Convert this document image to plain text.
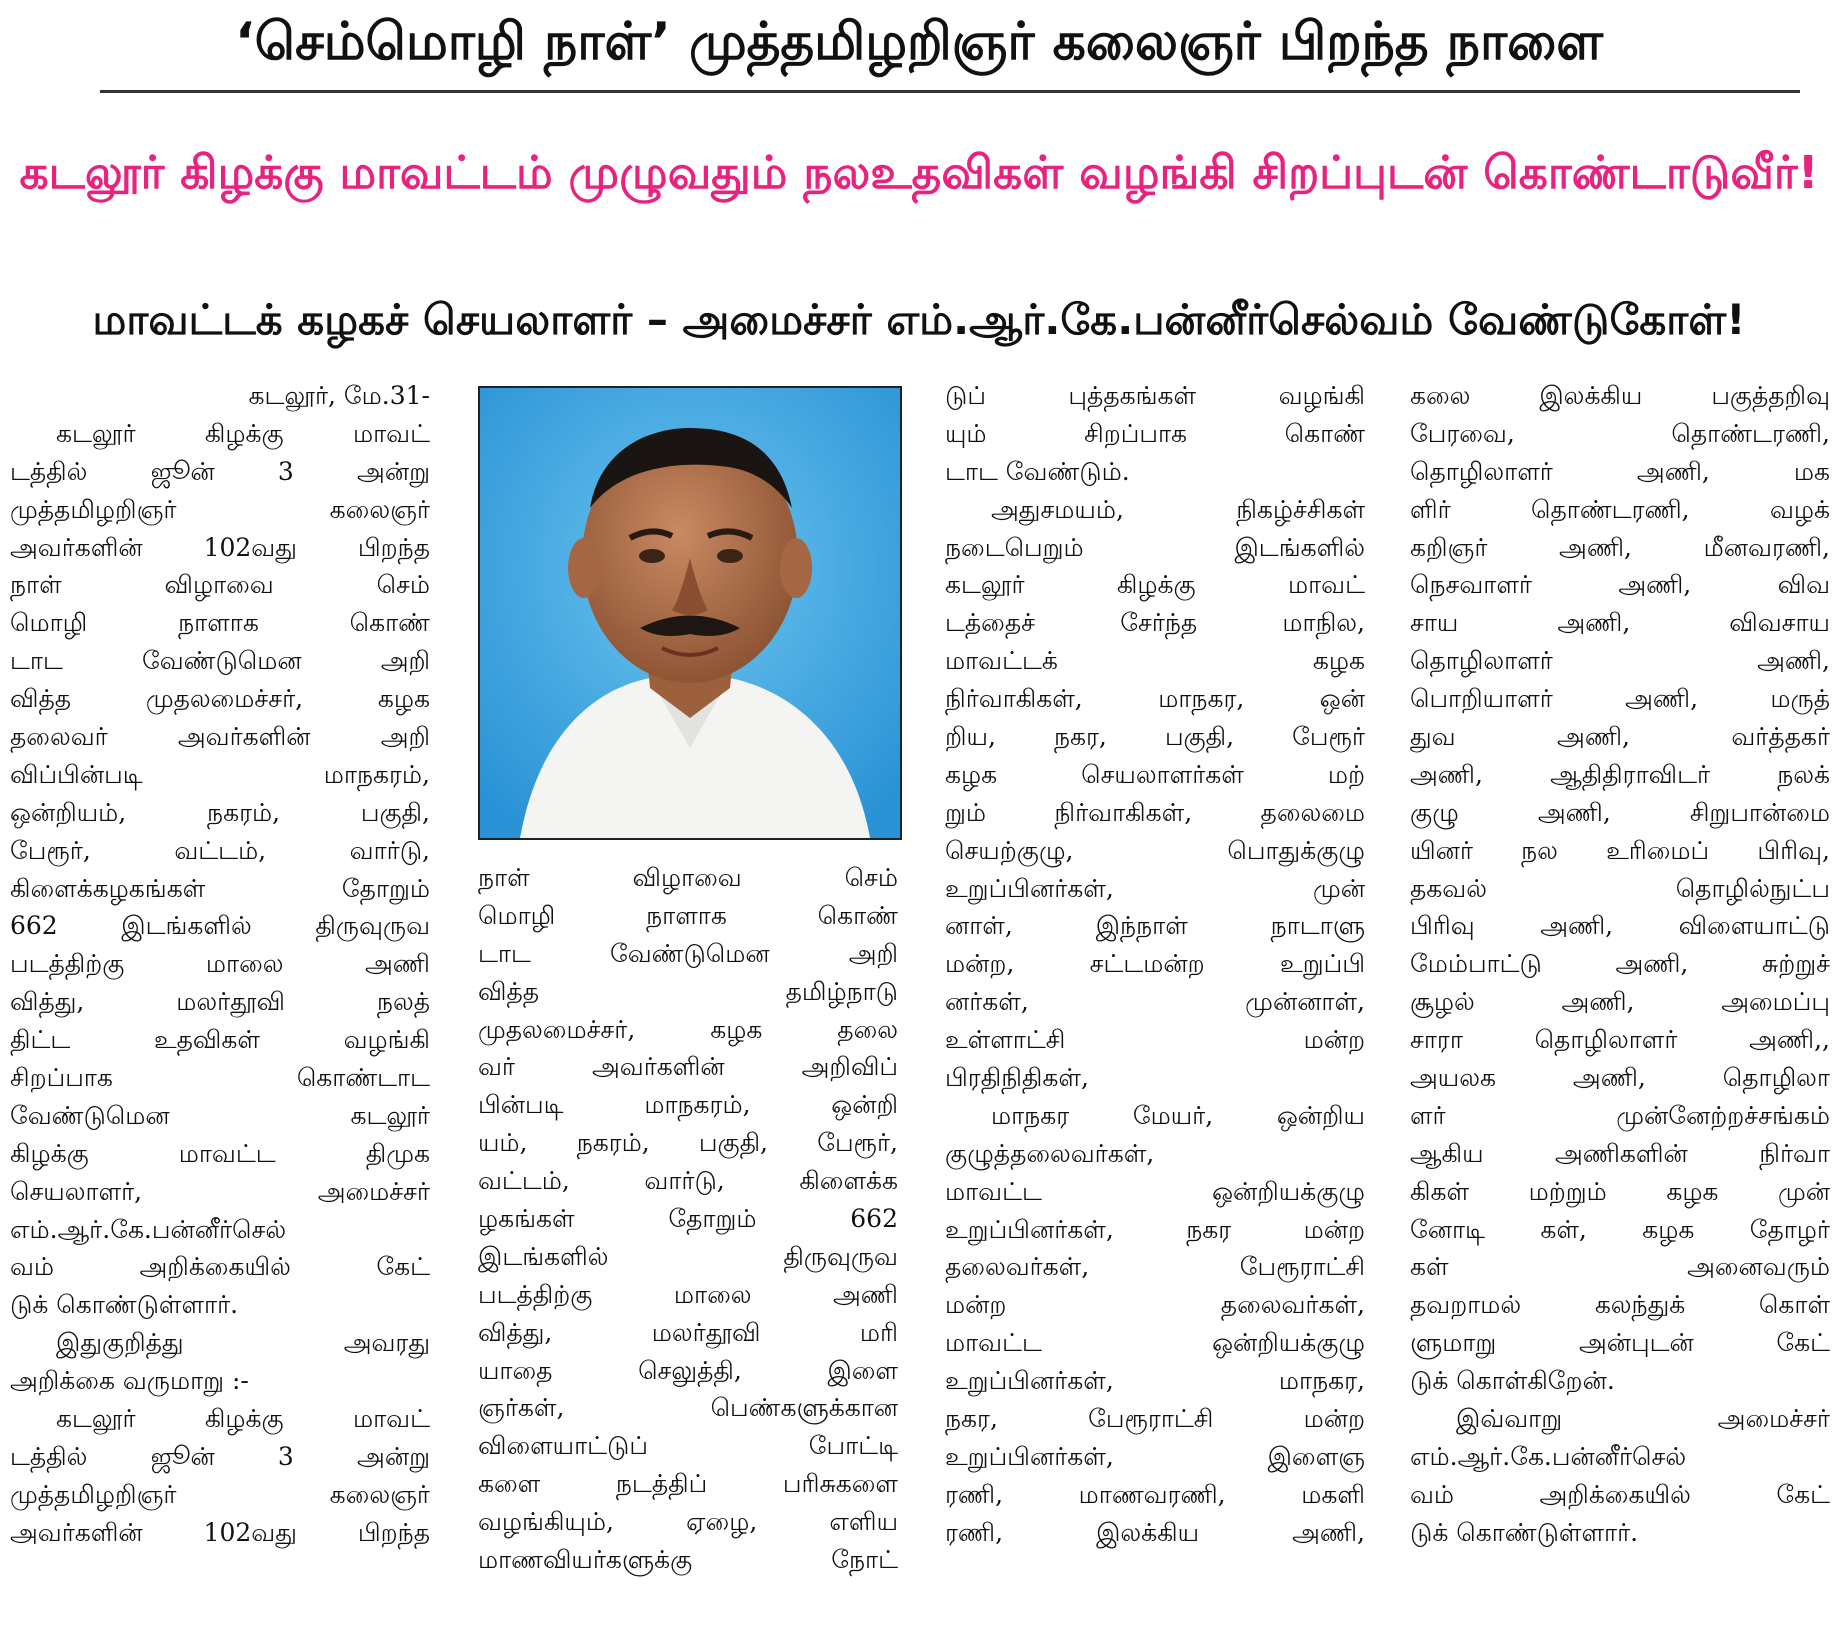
‘செம்மொழி நாள்’ முத்தமிழறிஞர் கலைஞர் பிறந்த நாளை
கடலூர் கிழக்கு மாவட்டம் முழுவதும் நலஉதவிகள் வழங்கி சிறப்புடன் கொண்டாடுவீர்!
மாவட்டக் கழகச் செயலாளர் – அமைச்சர் எம்.ஆர்.கே.பன்னீர்செல்வம் வேண்டுகோள்!
கடலூர், மே.31-
கடலூர் கிழக்கு மாவட்
டத்தில் ஜூன் 3 அன்று
முத்தமிழறிஞர் கலைஞர்
அவர்களின் 102வது பிறந்த
நாள் விழாவை செம்
மொழி நாளாக கொண்
டாட வேண்டுமென அறி
வித்த முதலமைச்சர், கழக
தலைவர் அவர்களின் அறி
விப்பின்படி மாநகரம்,
ஒன்றியம், நகரம், பகுதி,
பேரூர், வட்டம், வார்டு,
கிளைக்கழகங்கள் தோறும்
662 இடங்களில் திருவுருவ
படத்திற்கு மாலை அணி
வித்து, மலர்தூவி நலத்
திட்ட உதவிகள் வழங்கி
சிறப்பாக கொண்டாட
வேண்டுமென கடலூர்
கிழக்கு மாவட்ட திமுக
செயலாளர், அமைச்சர்
எம்.ஆர்.கே.பன்னீர்செல்
வம் அறிக்கையில் கேட்
டுக் கொண்டுள்ளார்.
இதுகுறித்து அவரது
அறிக்கை வருமாறு :-
கடலூர் கிழக்கு மாவட்
டத்தில் ஜூன் 3 அன்று
முத்தமிழறிஞர் கலைஞர்
அவர்களின் 102வது பிறந்த
நாள் விழாவை செம்
மொழி நாளாக கொண்
டாட வேண்டுமென அறி
வித்த தமிழ்நாடு
முதலமைச்சர், கழக தலை
வர் அவர்களின் அறிவிப்
பின்படி மாநகரம், ஒன்றி
யம், நகரம், பகுதி, பேரூர்,
வட்டம், வார்டு, கிளைக்க
ழகங்கள் தோறும் 662
இடங்களில் திருவுருவ
படத்திற்கு மாலை அணி
வித்து, மலர்தூவி மரி
யாதை செலுத்தி, இளை
ஞர்கள், பெண்களுக்கான
விளையாட்டுப் போட்டி
களை நடத்திப் பரிசுகளை
வழங்கியும், ஏழை, எளிய
மாணவியர்களுக்கு நோட்
டுப் புத்தகங்கள் வழங்கி
யும் சிறப்பாக கொண்
டாட வேண்டும்.
அதுசமயம், நிகழ்ச்சிகள்
நடைபெறும் இடங்களில்
கடலூர் கிழக்கு மாவட்
டத்தைச் சேர்ந்த மாநில,
மாவட்டக் கழக
நிர்வாகிகள், மாநகர, ஒன்
றிய, நகர, பகுதி, பேரூர்
கழக செயலாளர்கள் மற்
றும் நிர்வாகிகள், தலைமை
செயற்குழு, பொதுக்குழு
உறுப்பினர்கள், முன்
னாள், இந்நாள் நாடாளு
மன்ற, சட்டமன்ற உறுப்பி
னர்கள், முன்னாள்,
உள்ளாட்சி மன்ற
பிரதிநிதிகள்,
மாநகர மேயர், ஒன்றிய
குழுத்தலைவர்கள்,
மாவட்ட ஒன்றியக்குழு
உறுப்பினர்கள், நகர மன்ற
தலைவர்கள், பேரூராட்சி
மன்ற தலைவர்கள்,
மாவட்ட ஒன்றியக்குழு
உறுப்பினர்கள், மாநகர,
நகர, பேரூராட்சி மன்ற
உறுப்பினர்கள், இளைஞ
ரணி, மாணவரணி, மகளி
ரணி, இலக்கிய அணி,
கலை இலக்கிய பகுத்தறிவு
பேரவை, தொண்டரணி,
தொழிலாளர் அணி, மக
ளிர் தொண்டரணி, வழக்
கறிஞர் அணி, மீனவரணி,
நெசவாளர் அணி, விவ
சாய அணி, விவசாய
தொழிலாளர் அணி,
பொறியாளர் அணி, மருத்
துவ அணி, வர்த்தகர்
அணி, ஆதிதிராவிடர் நலக்
குழு அணி, சிறுபான்மை
யினர் நல உரிமைப் பிரிவு,
தகவல் தொழில்நுட்ப
பிரிவு அணி, விளையாட்டு
மேம்பாட்டு அணி, சுற்றுச்
சூழல் அணி, அமைப்பு
சாரா தொழிலாளர் அணி,,
அயலக அணி, தொழிலா
ளர் முன்னேற்றச்சங்கம்
ஆகிய அணிகளின் நிர்வா
கிகள் மற்றும் கழக முன்
னோடி கள், கழக தோழர்
கள் அனைவரும்
தவறாமல் கலந்துக் கொள்
ளுமாறு அன்புடன் கேட்
டுக் கொள்கிறேன்.
இவ்வாறு அமைச்சர்
எம்.ஆர்.கே.பன்னீர்செல்
வம் அறிக்கையில் கேட்
டுக் கொண்டுள்ளார்.
